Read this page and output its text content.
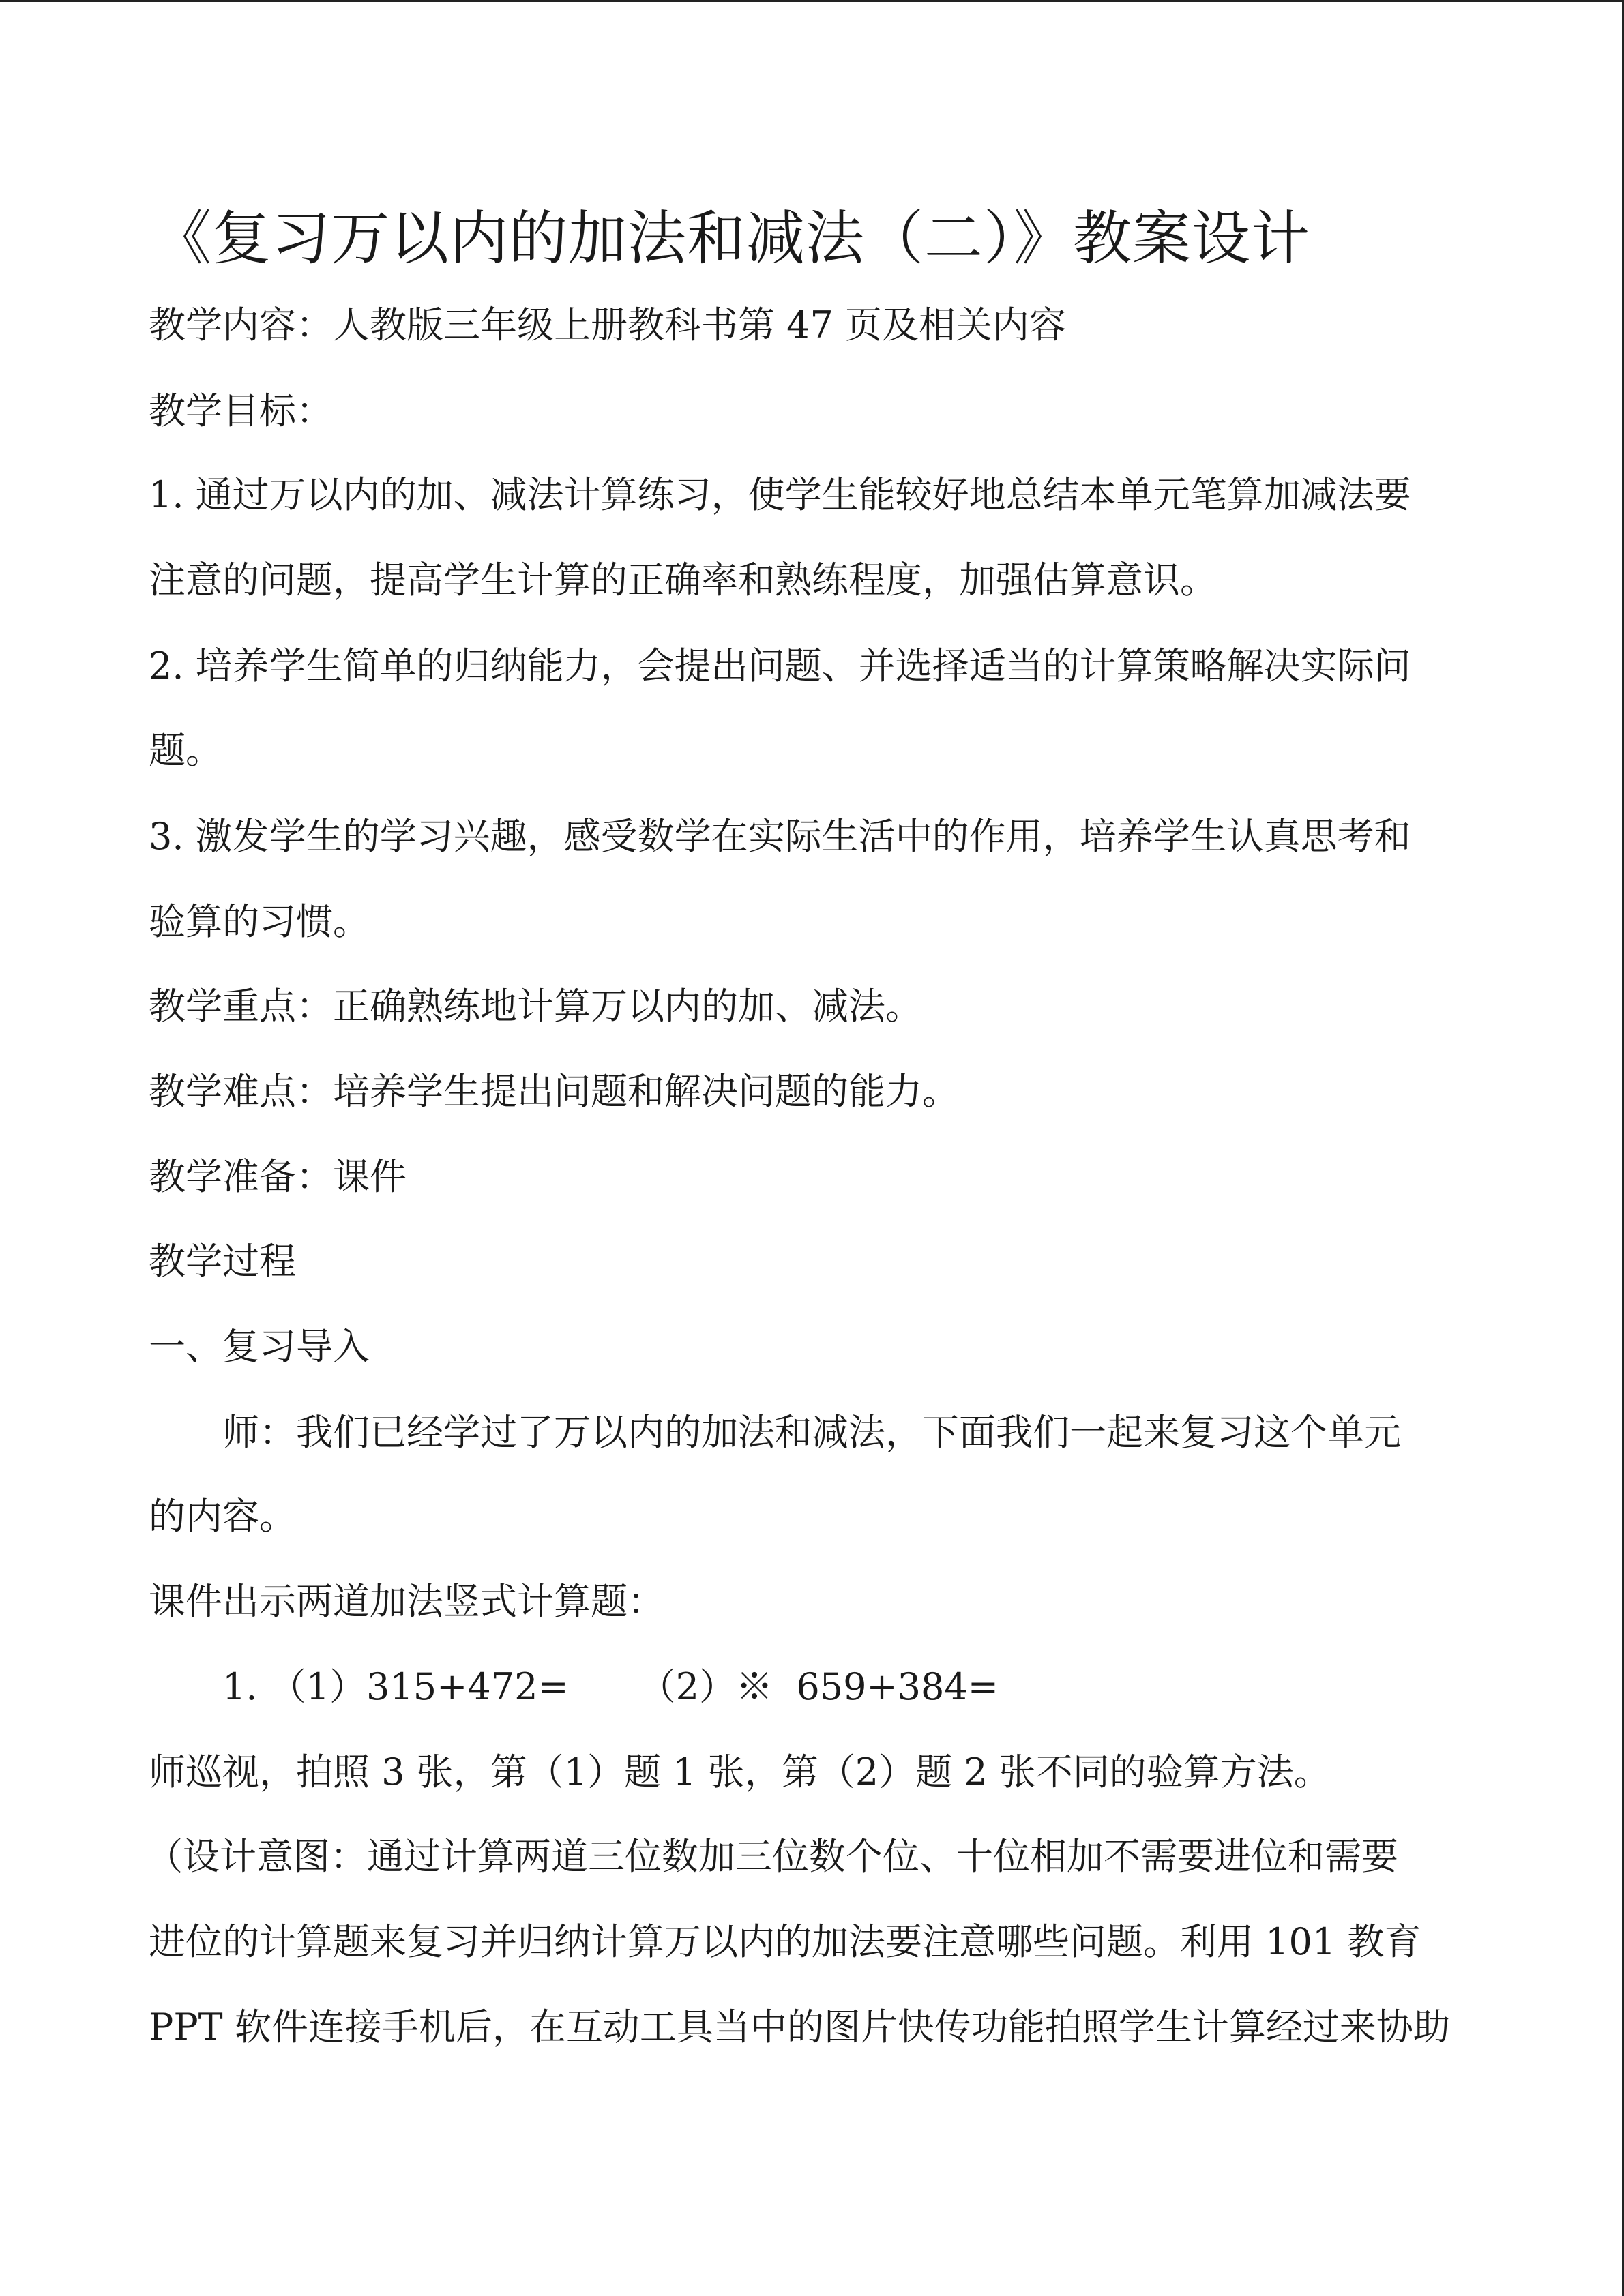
《复习万以内的加法和减法（二）》教案设计
教学内容：人教版三年级上册教科书第 47 页及相关内容
教学目标：
1. 通过万以内的加、减法计算练习，使学生能较好地总结本单元笔算加减法要
注意的问题，提高学生计算的正确率和熟练程度，加强估算意识。
2. 培养学生简单的归纳能力，会提出问题、并选择适当的计算策略解决实际问
题。
3. 激发学生的学习兴趣，感受数学在实际生活中的作用，培养学生认真思考和
验算的习惯。
教学重点：正确熟练地计算万以内的加、减法。
教学难点：培养学生提出问题和解决问题的能力。
教学准备：课件
教学过程
一、复习导入
师：我们已经学过了万以内的加法和减法，下面我们一起来复习这个单元
的内容。
课件出示两道加法竖式计算题：
1. （1）315+472=      （2）※  659+384=
师巡视，拍照 3 张，第（1）题 1 张，第（2）题 2 张不同的验算方法。
（设计意图：通过计算两道三位数加三位数个位、十位相加不需要进位和需要
进位的计算题来复习并归纳计算万以内的加法要注意哪些问题。利用 101 教育
PPT 软件连接手机后，在互动工具当中的图片快传功能拍照学生计算经过来协助
